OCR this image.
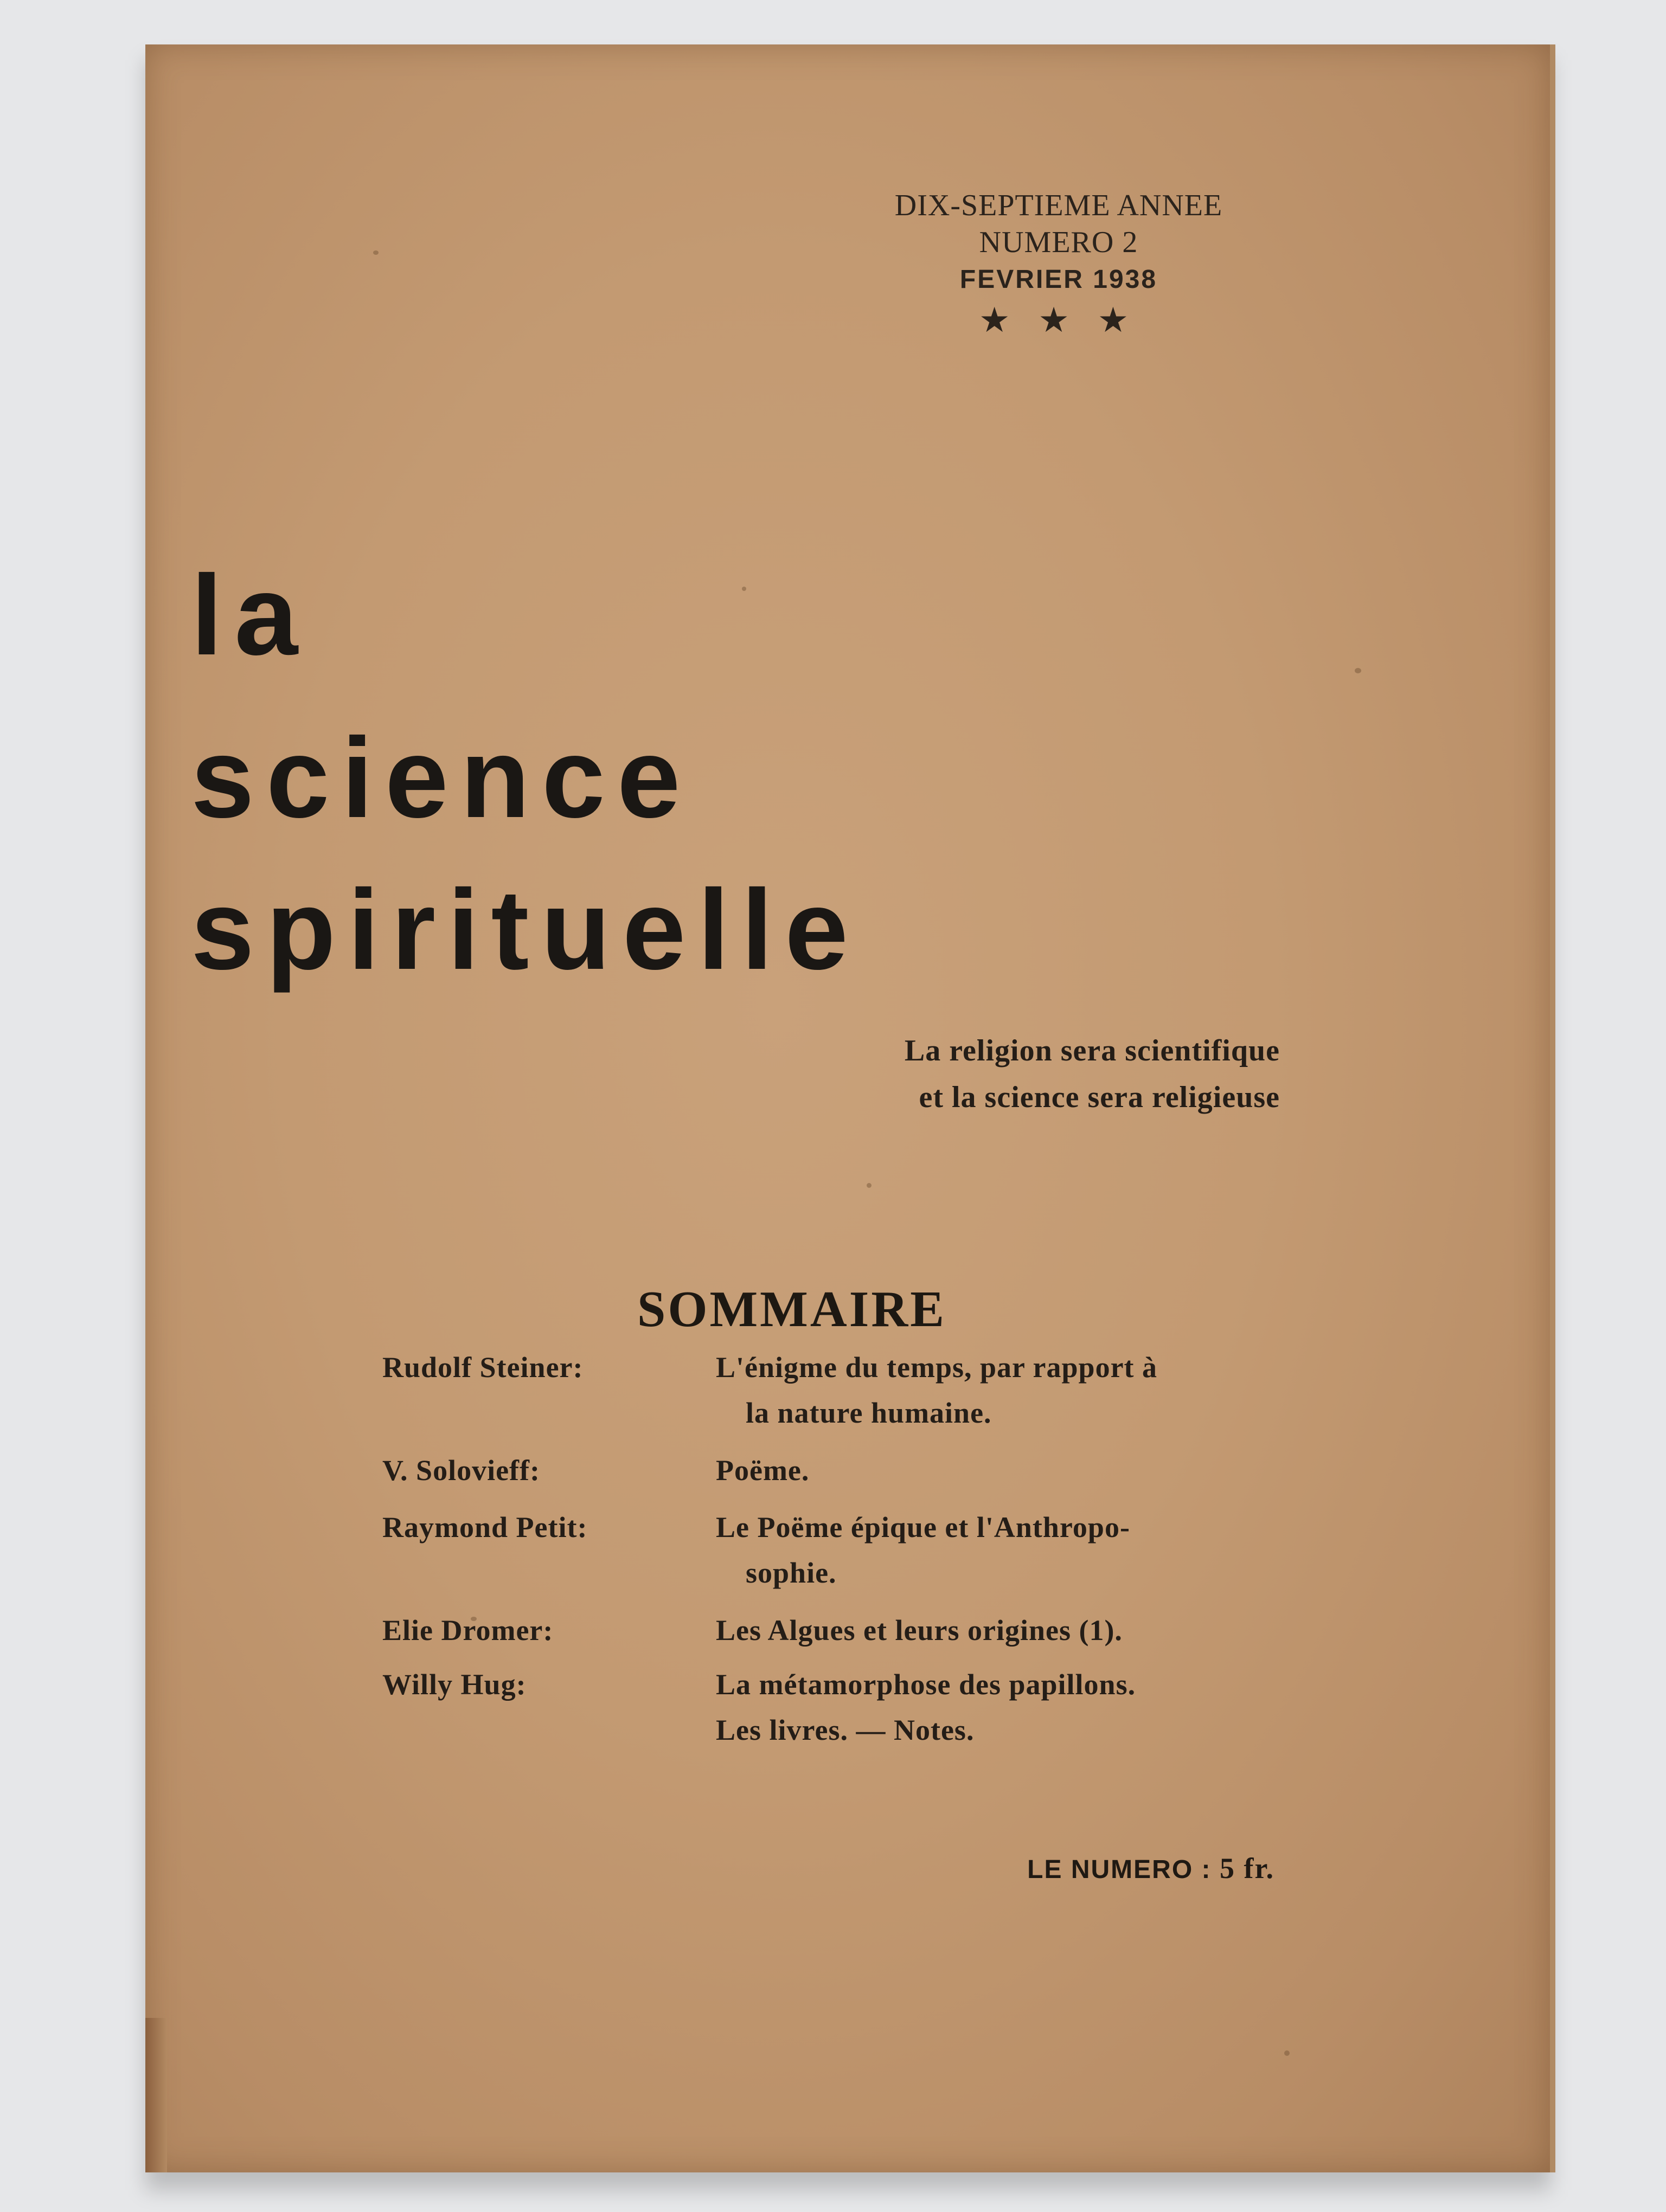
DIX-SEPTIEME ANNEE
NUMERO 2
FEVRIER 1938
★ ★ ★
la
science
spirituelle
La religion sera scientifique
et la science sera religieuse
SOMMAIRE
Rudolf Steiner:	L'énigme du temps, par rapport à
la nature humaine.
V. Solovieff:	Poëme.
Raymond Petit:	Le Poëme épique et l'Anthropo-
sophie.
Elie Dromer:	Les Algues et leurs origines (1).
Willy Hug:	La métamorphose des papillons.
Les livres. — Notes.
LE NUMERO : 5 fr.
